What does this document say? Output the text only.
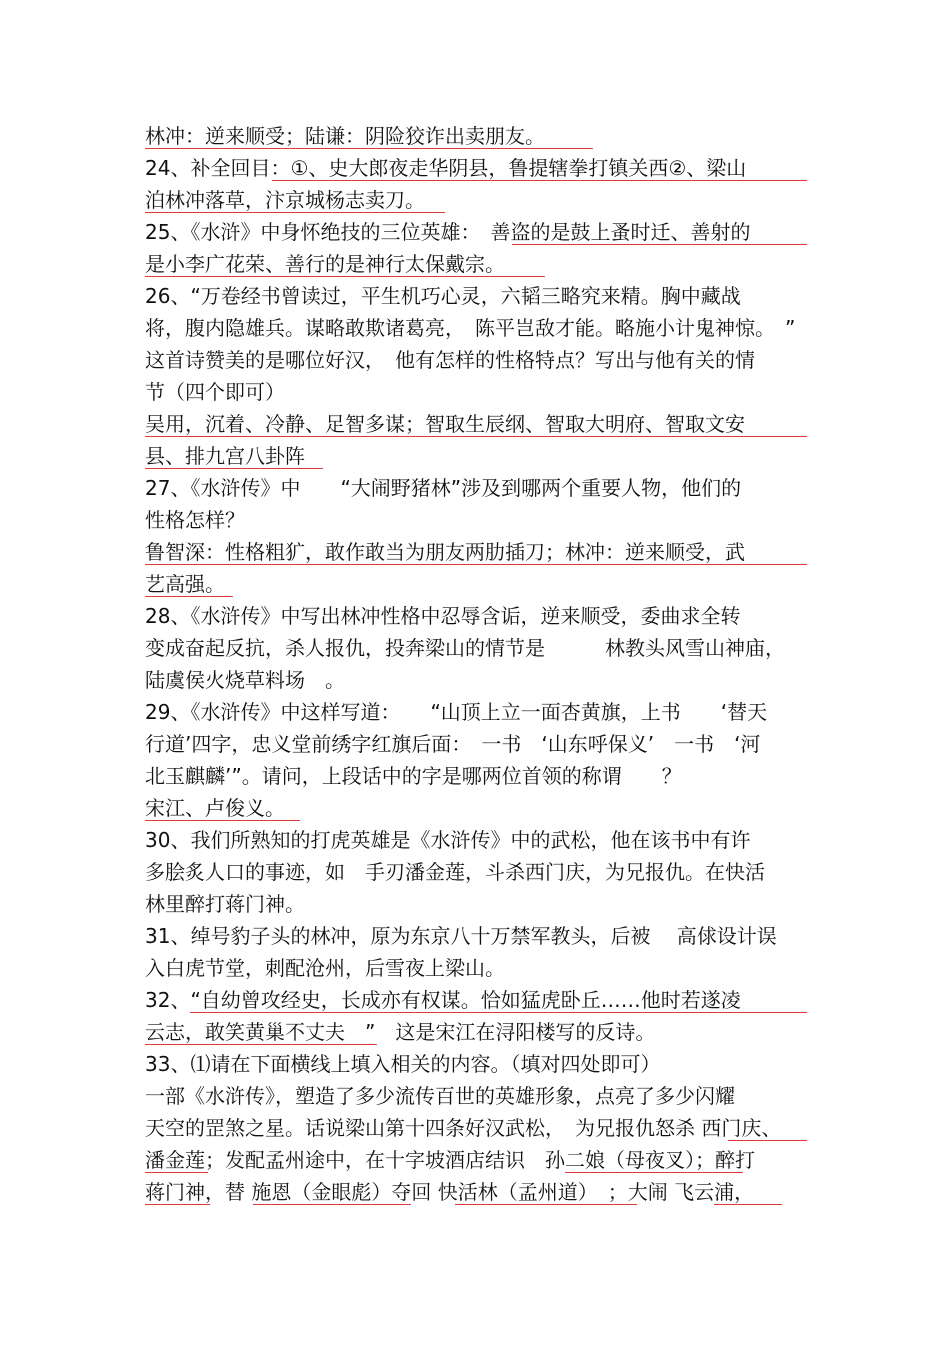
林冲：逆来顺受；陆谦：阴险狡诈出卖朋友。
24、补全回目：①、史大郎夜走华阴县，鲁提辖拳打镇关西②、梁山
泊林冲落草，汴京城杨志卖刀。
25、《水浒》中身怀绝技的三位英雄：　善盗的是鼓上蚤时迁、善射的
是小李广花荣、善行的是神行太保戴宗。
26、“万卷经书曾读过，平生机巧心灵，六韬三略究来精。胸中藏战
将，腹内隐雄兵。谋略敢欺诸葛亮，　陈平岂敌才能。略施小计鬼神惊。　”
这首诗赞美的是哪位好汉，　他有怎样的性格特点？写出与他有关的情
节（四个即可）
吴用，沉着、冷静、足智多谋；智取生辰纲、智取大明府、智取文安
县、排九宫八卦阵
27、《水浒传》中　　“大闹野猪林”涉及到哪两个重要人物，他们的
性格怎样？
鲁智深：性格粗犷，敢作敢当为朋友两肋插刀；林冲：逆来顺受，武
艺高强。
28、《水浒传》中写出林冲性格中忍辱含诟，逆来顺受，委曲求全转
变成奋起反抗，杀人报仇，投奔梁山的情节是　　　林教头风雪山神庙，
陆虞侯火烧草料场　。
29、《水浒传》中这样写道：　　“山顶上立一面杏黄旗，上书　　‘替天
行道’四字，忠义堂前绣字红旗后面：　一书　‘山东呼保义’　一书　‘河
北玉麒麟’”。请问，上段话中的字是哪两位首领的称谓　　？
宋江、卢俊义。
30、我们所熟知的打虎英雄是《水浒传》中的武松，他在该书中有许
多脍炙人口的事迹，如　手刃潘金莲，斗杀西门庆，为兄报仇。在快活
林里醉打蒋门神。
31、绰号豹子头的林冲，原为东京八十万禁军教头，后被　 高俅设计误
入白虎节堂，刺配沧州，后雪夜上梁山。
32、“自幼曾攻经史，长成亦有权谋。恰如猛虎卧丘……他时若遂凌
云志，敢笑黄巢不丈夫　”　这是宋江在浔阳楼写的反诗。
33、⑴请在下面横线上填入相关的内容。（填对四处即可）
一部《水浒传》，塑造了多少流传百世的英雄形象，点亮了多少闪耀
天空的罡煞之星。话说梁山第十四条好汉武松，　为兄报仇怒杀 西门庆、
潘金莲；发配孟州途中，在十字坡酒店结识　孙二娘（母夜叉）；醉打
蒋门神，替 施恩（金眼彪）夺回 快活林（孟州道）　；大闹 飞云浦，
